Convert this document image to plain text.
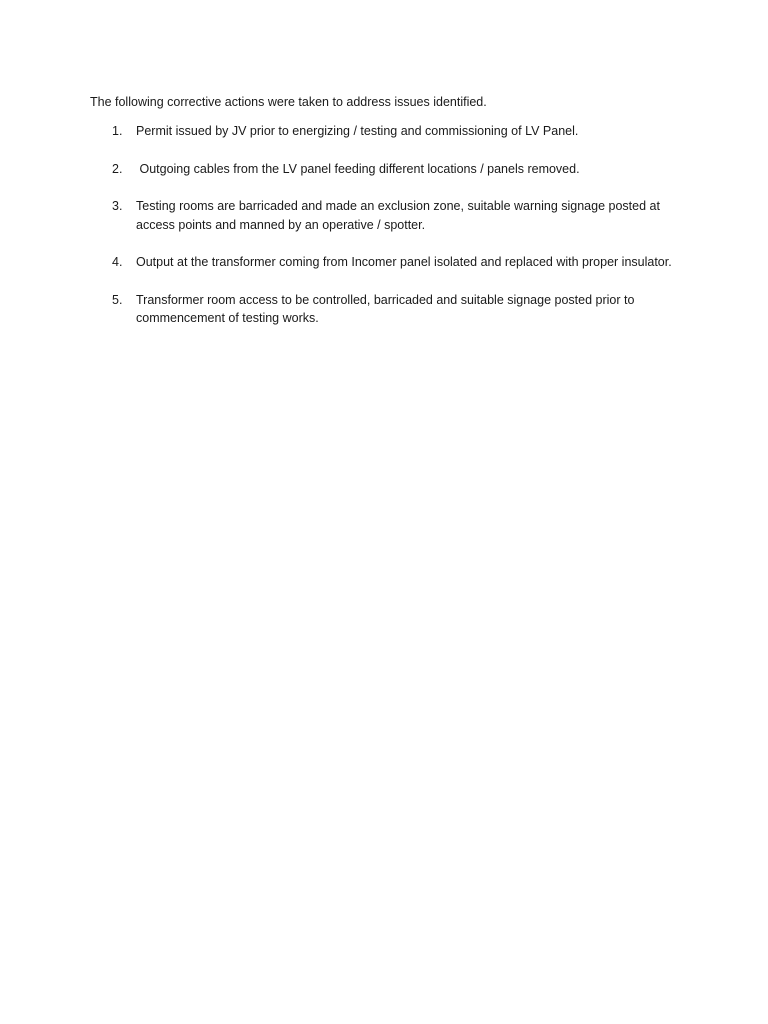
The following corrective actions were taken to address issues identified.
1.	Permit issued by JV prior to energizing / testing and commissioning of LV Panel.
2.	Outgoing cables from the LV panel feeding different locations / panels removed.
3.	Testing rooms are barricaded and made an exclusion zone, suitable warning signage posted at access points and manned by an operative / spotter.
4.	Output at the transformer coming from Incomer panel isolated and replaced with proper insulator.
5.	Transformer room access to be controlled, barricaded and suitable signage posted prior to commencement of testing works.
